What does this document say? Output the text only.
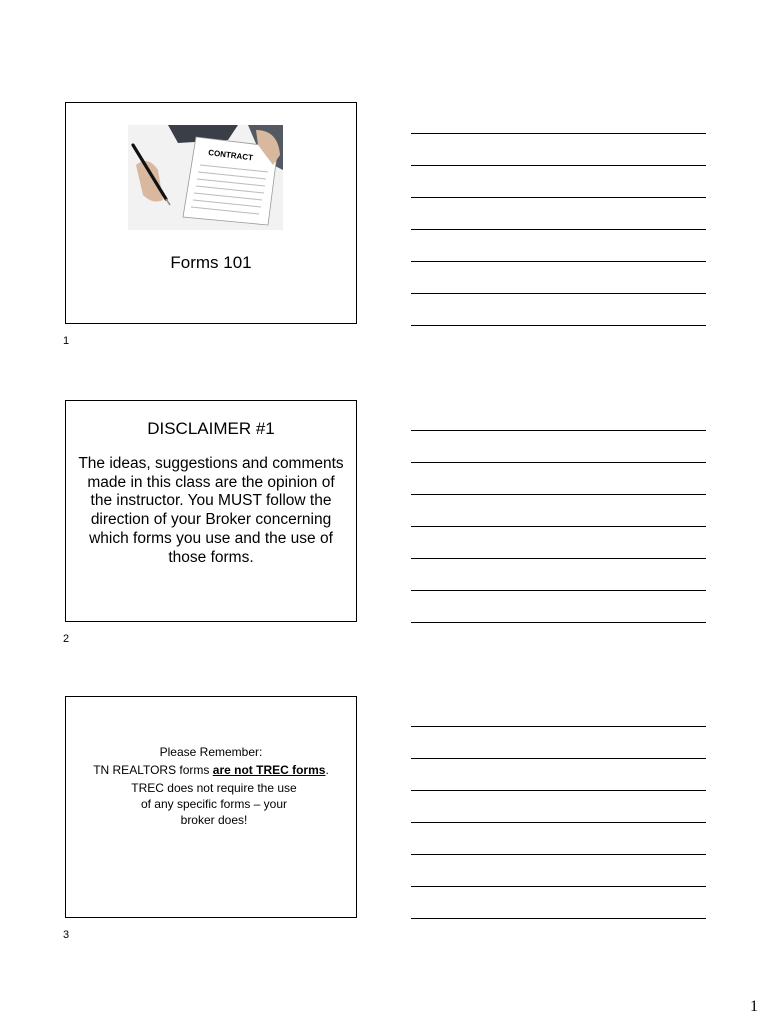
CONTRACT
Forms 101
1
DISCLAIMER #1
The ideas, suggestions and comments made in this class are the opinion of the instructor. You MUST follow the direction of your Broker concerning which forms you use and the use of those forms.
2
Please Remember:
TN REALTORS forms are not TREC forms.
TREC does not require the use of any specific forms – your broker does!
3
1
